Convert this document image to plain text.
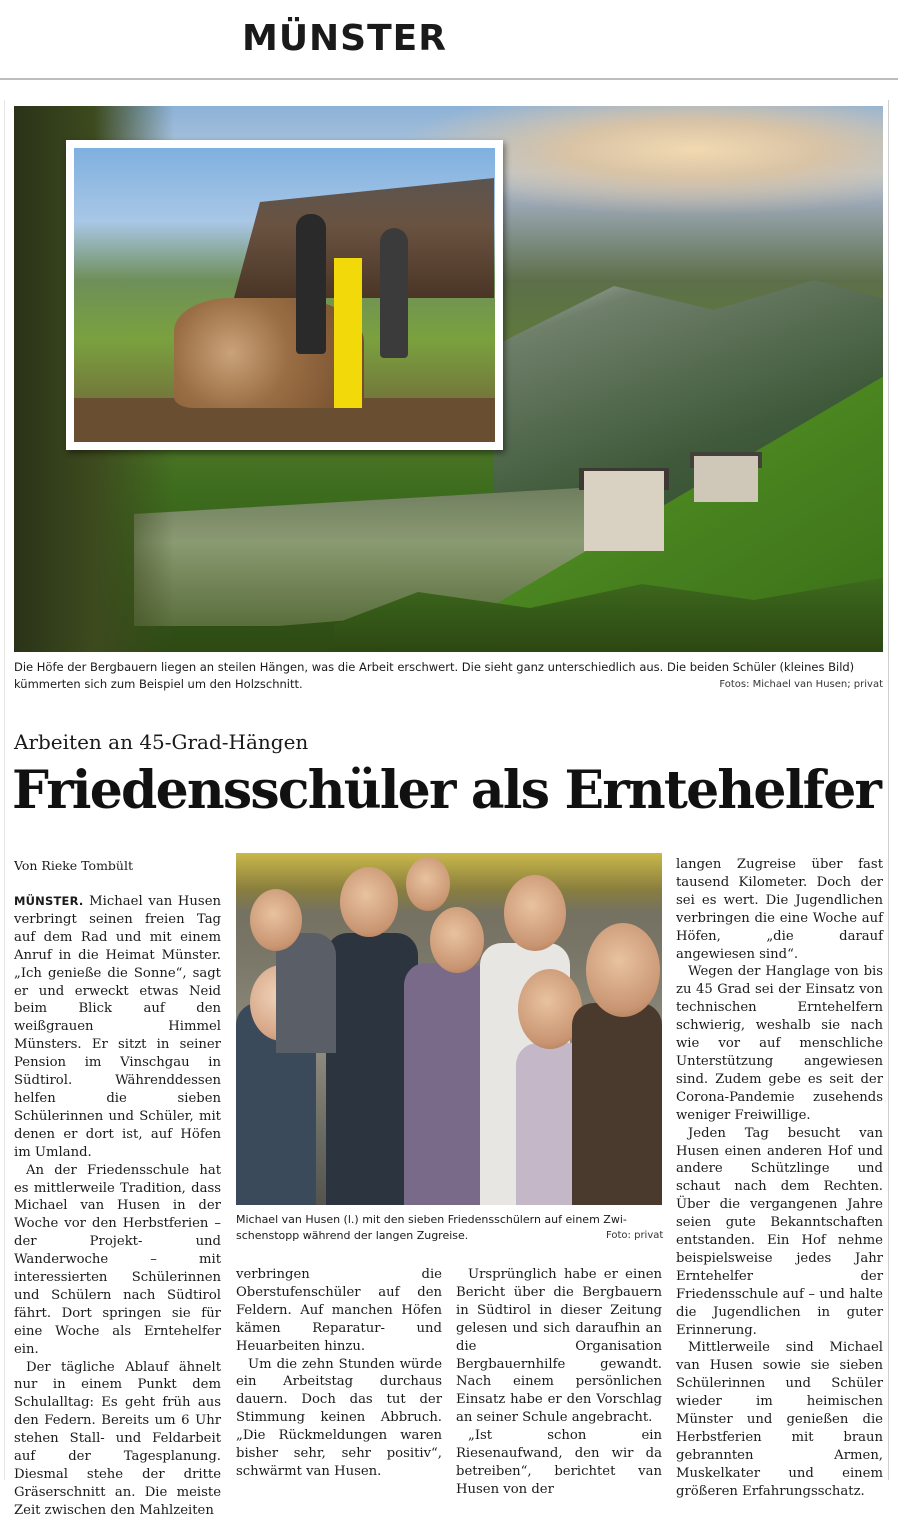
MÜNSTER
Die Höfe der Bergbauern liegen an steilen Hängen, was die Arbeit erschwert. Die sieht ganz unterschiedlich aus. Die beiden Schüler (kleines Bild)
kümmerten sich zum Beispiel um den Holzschnitt.	Fotos: Michael van Husen; privat
Arbeiten an 45-Grad-Hängen
Friedensschüler als Erntehelfer
Von Rieke Tombült

MÜNSTER. Michael van Husen verbringt seinen freien Tag auf dem Rad und mit einem Anruf in die Heimat Münster. „Ich genieße die Sonne“, sagt er und erweckt etwas Neid beim Blick auf den weißgrauen Himmel Münsters. Er sitzt in seiner Pension im Vinschgau in Südtirol. Währenddessen helfen die sieben Schülerinnen und Schüler, mit denen er dort ist, auf Höfen im Umland.

An der Friedensschule hat es mittlerweile Tradition, dass Michael van Husen in der Woche vor den Herbstferien – der Projekt- und Wanderwoche – mit interessierten Schülerinnen und Schülern nach Südtirol fährt. Dort springen sie für eine Woche als Erntehelfer ein.

Der tägliche Ablauf ähnelt nur in einem Punkt dem Schulalltag: Es geht früh aus den Federn. Bereits um 6 Uhr stehen Stall- und Feldarbeit auf der Tagesplanung. Diesmal stehe der dritte Gräserschnitt an. Die meiste Zeit zwischen den Mahlzeiten

Michael van Husen (l.) mit den sieben Friedensschülern auf einem Zwi-
schenstopp während der langen Zugreise.	Foto: privat

verbringen die Oberstufenschüler auf den Feldern. Auf manchen Höfen kämen Reparatur- und Heuarbeiten hinzu.

Um die zehn Stunden würde ein Arbeitstag durchaus dauern. Doch das tut der Stimmung keinen Abbruch. „Die Rückmeldungen waren bisher sehr, sehr positiv“, schwärmt van Husen.

Ursprünglich habe er einen Bericht über die Bergbauern in Südtirol in dieser Zeitung gelesen und sich daraufhin an die Organisation Bergbauernhilfe gewandt. Nach einem persönlichen Einsatz habe er den Vorschlag an seiner Schule angebracht.

„Ist schon ein Riesenaufwand, den wir da betreiben“, berichtet van Husen von der

langen Zugreise über fast tausend Kilometer. Doch der sei es wert. Die Jugendlichen verbringen die eine Woche auf Höfen, „die darauf angewiesen sind“.

Wegen der Hanglage von bis zu 45 Grad sei der Einsatz von technischen Erntehelfern schwierig, weshalb sie nach wie vor auf menschliche Unterstützung angewiesen sind. Zudem gebe es seit der Corona-Pandemie zusehends weniger Freiwillige.

Jeden Tag besucht van Husen einen anderen Hof und andere Schützlinge und schaut nach dem Rechten. Über die vergangenen Jahre seien gute Bekanntschaften entstanden. Ein Hof nehme beispielsweise jedes Jahr Erntehelfer der Friedensschule auf – und halte die Jugendlichen in guter Erinnerung.

Mittlerweile sind Michael van Husen sowie sie sieben Schülerinnen und Schüler wieder im heimischen Münster und genießen die Herbstferien mit braun gebrannten Armen, Muskelkater und einem größeren Erfahrungsschatz.
